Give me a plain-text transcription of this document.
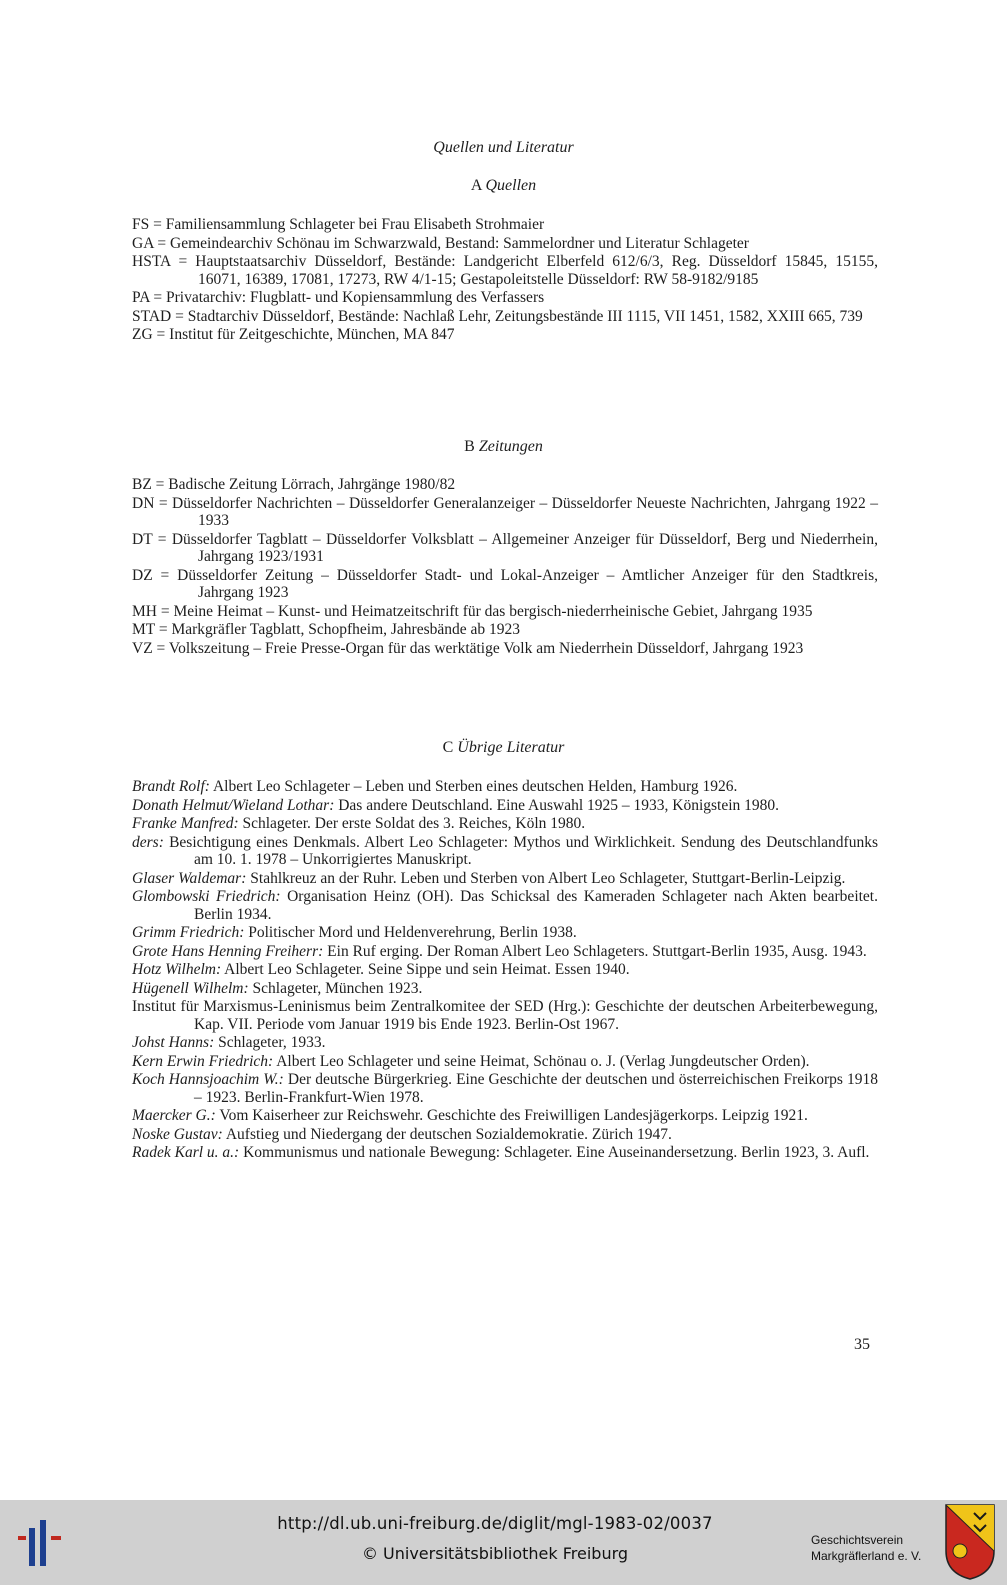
Quellen und Literatur
A Quellen
FS = Familiensammlung Schlageter bei Frau Elisabeth Strohmaier
GA = Gemeindearchiv Schönau im Schwarzwald, Bestand: Sammelordner und Literatur Schlageter
HSTA = Hauptstaatsarchiv Düsseldorf, Bestände: Landgericht Elberfeld 612/6/3, Reg. Düsseldorf 15845, 15155, 16071, 16389, 17081, 17273, RW 4/1-15; Gestapoleitstelle Düsseldorf: RW 58-9182/9185
PA = Privatarchiv: Flugblatt- und Kopiensammlung des Verfassers
STAD = Stadtarchiv Düsseldorf, Bestände: Nachlaß Lehr, Zeitungsbestände III 1115, VII 1451, 1582, XXIII 665, 739
ZG = Institut für Zeitgeschichte, München, MA 847
B Zeitungen
BZ = Badische Zeitung Lörrach, Jahrgänge 1980/82
DN = Düsseldorfer Nachrichten – Düsseldorfer Generalanzeiger – Düsseldorfer Neueste Nachrichten, Jahrgang 1922 – 1933
DT = Düsseldorfer Tagblatt – Düsseldorfer Volksblatt – Allgemeiner Anzeiger für Düsseldorf, Berg und Niederrhein, Jahrgang 1923/1931
DZ = Düsseldorfer Zeitung – Düsseldorfer Stadt- und Lokal-Anzeiger – Amtlicher Anzeiger für den Stadtkreis, Jahrgang 1923
MH = Meine Heimat – Kunst- und Heimatzeitschrift für das bergisch-niederrheinische Gebiet, Jahrgang 1935
MT = Markgräfler Tagblatt, Schopfheim, Jahresbände ab 1923
VZ = Volkszeitung – Freie Presse-Organ für das werktätige Volk am Niederrhein Düsseldorf, Jahrgang 1923
C Übrige Literatur
Brandt Rolf: Albert Leo Schlageter – Leben und Sterben eines deutschen Helden, Hamburg 1926.
Donath Helmut/Wieland Lothar: Das andere Deutschland. Eine Auswahl 1925 – 1933, Königstein 1980.
Franke Manfred: Schlageter. Der erste Soldat des 3. Reiches, Köln 1980.
ders: Besichtigung eines Denkmals. Albert Leo Schlageter: Mythos und Wirklichkeit. Sendung des Deutschlandfunks am 10. 1. 1978 – Unkorrigiertes Manuskript.
Glaser Waldemar: Stahlkreuz an der Ruhr. Leben und Sterben von Albert Leo Schlageter, Stuttgart-Berlin-Leipzig.
Glombowski Friedrich: Organisation Heinz (OH). Das Schicksal des Kameraden Schlageter nach Akten bearbeitet. Berlin 1934.
Grimm Friedrich: Politischer Mord und Heldenverehrung, Berlin 1938.
Grote Hans Henning Freiherr: Ein Ruf erging. Der Roman Albert Leo Schlageters. Stuttgart-Berlin 1935, Ausg. 1943.
Hotz Wilhelm: Albert Leo Schlageter. Seine Sippe und sein Heimat. Essen 1940.
Hügenell Wilhelm: Schlageter, München 1923.
Institut für Marxismus-Leninismus beim Zentralkomitee der SED (Hrg.): Geschichte der deutschen Arbeiterbewegung, Kap. VII. Periode vom Januar 1919 bis Ende 1923. Berlin-Ost 1967.
Johst Hanns: Schlageter, 1933.
Kern Erwin Friedrich: Albert Leo Schlageter und seine Heimat, Schönau o. J. (Verlag Jungdeutscher Orden).
Koch Hannsjoachim W.: Der deutsche Bürgerkrieg. Eine Geschichte der deutschen und österreichischen Freikorps 1918 – 1923. Berlin-Frankfurt-Wien 1978.
Maercker G.: Vom Kaiserheer zur Reichswehr. Geschichte des Freiwilligen Landesjägerkorps. Leipzig 1921.
Noske Gustav: Aufstieg und Niedergang der deutschen Sozialdemokratie. Zürich 1947.
Radek Karl u. a.: Kommunismus und nationale Bewegung: Schlageter. Eine Auseinandersetzung. Berlin 1923, 3. Aufl.
35
http://dl.ub.uni-freiburg.de/diglit/mgl-1983-02/0037
© Universitätsbibliothek Freiburg
Geschichtsverein
Markgräflerland e. V.
